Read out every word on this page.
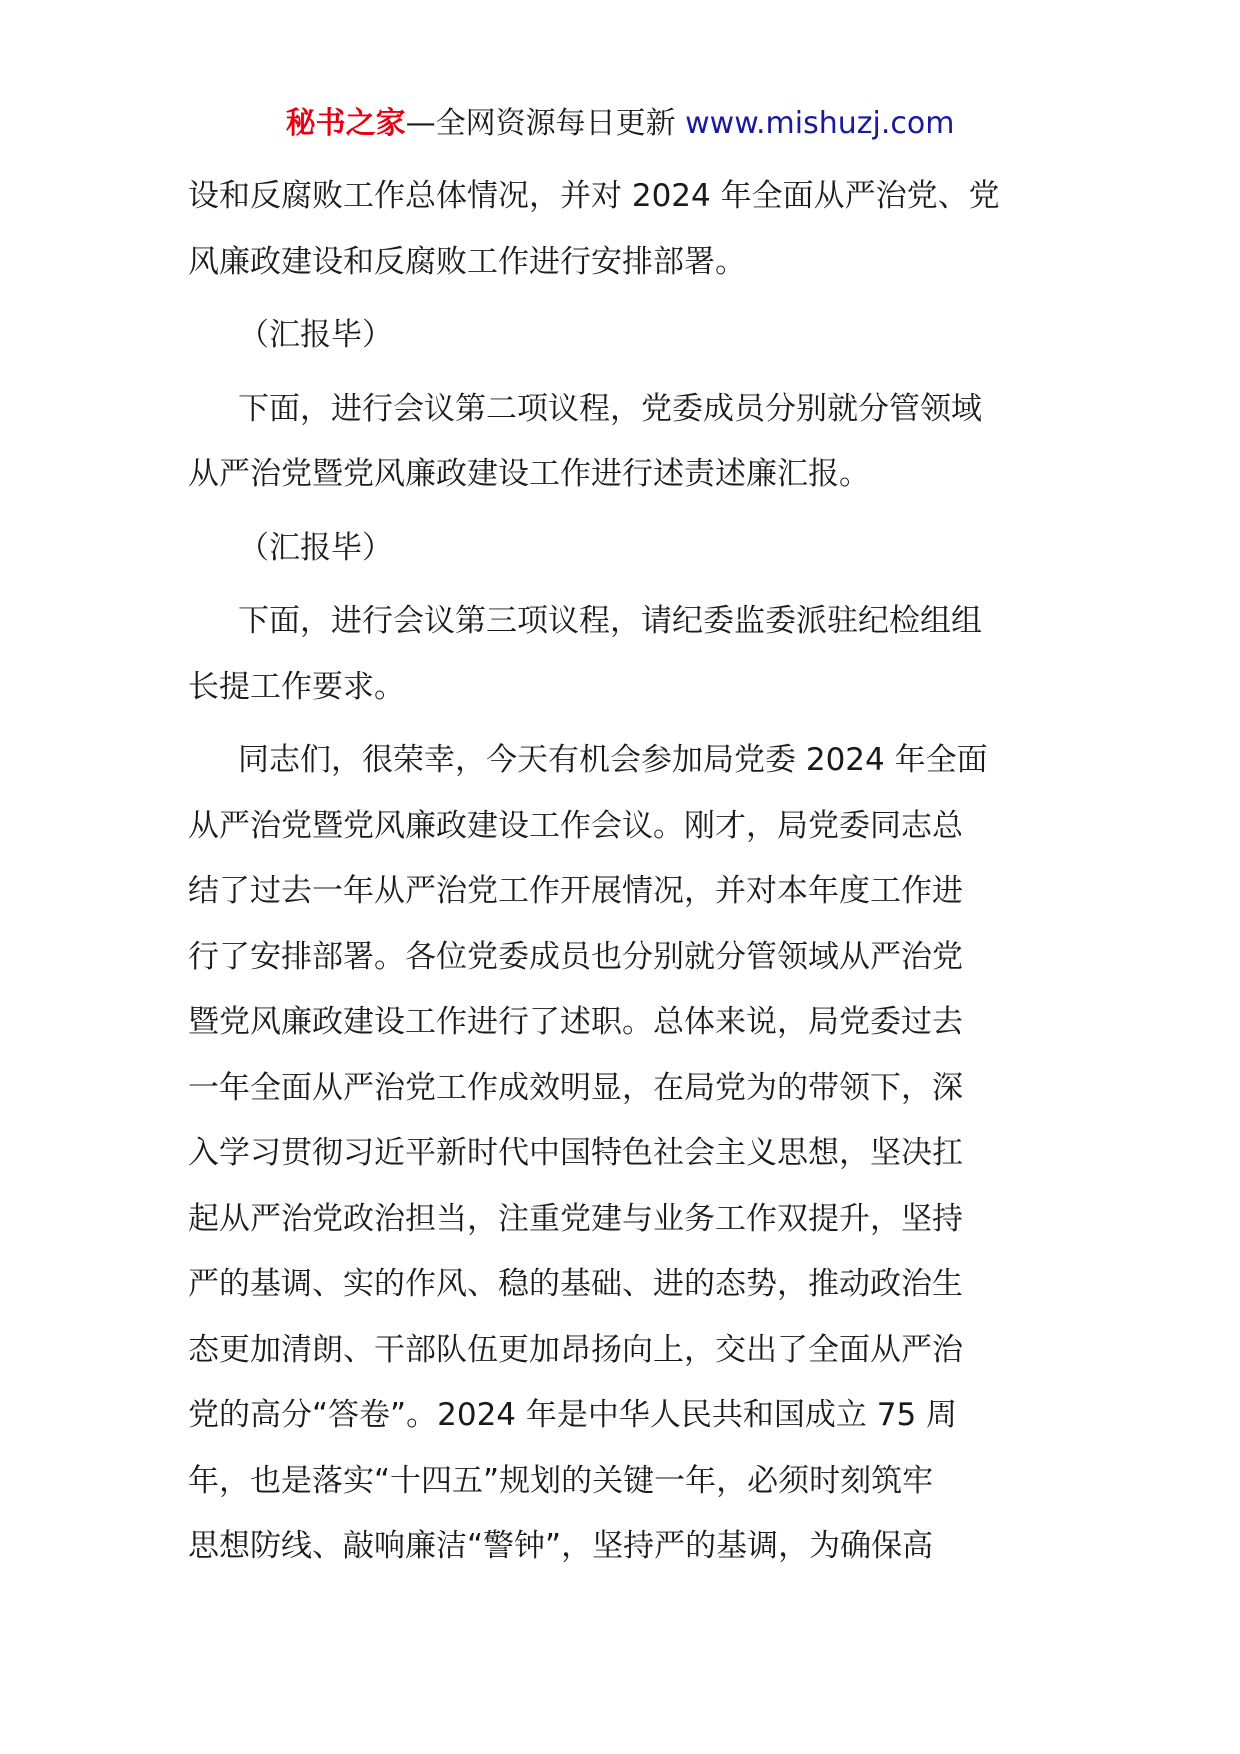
秘书之家—全网资源每日更新 www.mishuzj.com
设和反腐败工作总体情况，并对 2024 年全面从严治党、党
风廉政建设和反腐败工作进行安排部署。
（汇报毕）
下面，进行会议第二项议程，党委成员分别就分管领域
从严治党暨党风廉政建设工作进行述责述廉汇报。
（汇报毕）
下面，进行会议第三项议程，请纪委监委派驻纪检组组
长提工作要求。
同志们，很荣幸，今天有机会参加局党委 2024 年全面
从严治党暨党风廉政建设工作会议。刚才，局党委同志总
结了过去一年从严治党工作开展情况，并对本年度工作进
行了安排部署。各位党委成员也分别就分管领域从严治党
暨党风廉政建设工作进行了述职。总体来说，局党委过去
一年全面从严治党工作成效明显，在局党为的带领下，深
入学习贯彻习近平新时代中国特色社会主义思想，坚决扛
起从严治党政治担当，注重党建与业务工作双提升，坚持
严的基调、实的作风、稳的基础、进的态势，推动政治生
态更加清朗、干部队伍更加昂扬向上，交出了全面从严治
党的高分“答卷”。2024 年是中华人民共和国成立 75 周
年，也是落实“十四五”规划的关键一年，必须时刻筑牢
思想防线、敲响廉洁“警钟”，坚持严的基调，为确保高
